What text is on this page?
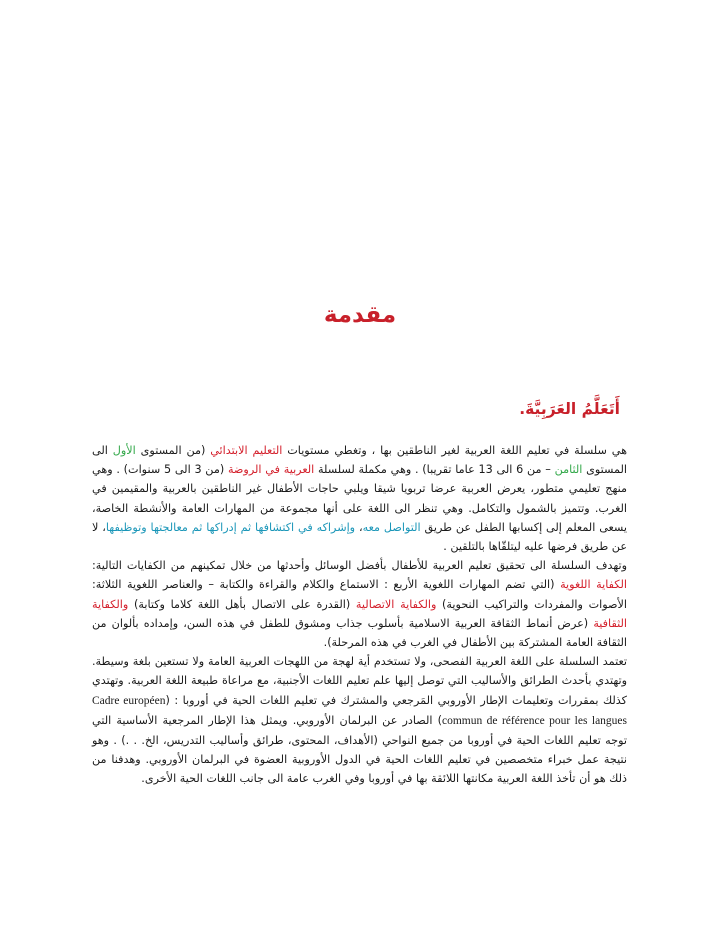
مقدمة
أَتَعَلَّمُ العَرَبِيَّةَ.

هي سلسلة في تعليم اللغة العربية لغير الناطقين بها ، وتغطي مستويات التعليم الابتدائي (من المستوى الأول الى المستوى الثامن – من 6 الى 13 عاما تقريبا) . وهي مكملة لسلسلة العربية في الروضة (من 3 الى 5 سنوات) . وهي منهج تعليمي متطور، يعرض العربية عرضا تربويا شيقا ويلبي حاجات الأطفال غير الناطقين بالعربية والمقيمين في الغرب. وتتميز بالشمول والتكامل. وهي تنظر الى اللغة على أنها مجموعة من المهارات العامة والأنشطة الخاصة، يسعى المعلم إلى إكسابها الطفل عن طريق التواصل معه، وإشراكه في اكتشافها ثم إدراكها ثم معالجتها وتوظيفها، لا عن طريق فرضها عليه ليتلقّاها بالتلقين .

وتهدف السلسلة الى تحقيق تعليم العربية للأطفال بأفضل الوسائل وأحدثها من خلال تمكينهم من الكفايات التالية: الكفاية اللغوية (التي تضم المهارات اللغوية الأربع : الاستماع والكلام والقراءة والكتابة – والعناصر اللغوية الثلاثة: الأصوات والمفردات والتراكيب النحوية) والكفاية الاتصالية (القدرة على الاتصال بأهل اللغة كلاما وكتابة) والكفاية الثقافية (عرض أنماط الثقافة العربية الاسلامية بأسلوب جذاب ومشوق للطفل في هذه السن، وإمداده بألوان من الثقافة العامة المشتركة بين الأطفال في الغرب في هذه المرحلة).

تعتمد السلسلة على اللغة العربية الفصحى، ولا تستخدم أية لهجة من اللهجات العربية العامة ولا تستعين بلغة وسيطة. وتهتدي بأحدث الطرائق والأساليب التي توصل إليها علم تعليم اللغات الأجنبية، مع مراعاة طبيعة اللغة العربية. وتهتدي كذلك بمقررات وتعليمات الإطار الأوروبي المَرجعي والمشترك في تعليم اللغات الحية في أوروبا : (Cadre européen commun de référence pour les langues) الصادر عن البرلمان الأوروبي. ويمثل هذا الإطار المرجعية الأساسية التي توجه تعليم اللغات الحية في أوروبا من جميع النواحي (الأهداف، المحتوى، طرائق وأساليب التدريس، الخ. . .) . وهو نتيجة عمل خبراء متخصصين في تعليم اللغات الحية في الدول الأوروبية العضوة في البرلمان الأوروبي. وهدفنا من ذلك هو أن تأخذ اللغة العربية مكانتها اللائقة بها في أوروبا وفي الغرب عامة الى جانب اللغات الحية الأخرى.
